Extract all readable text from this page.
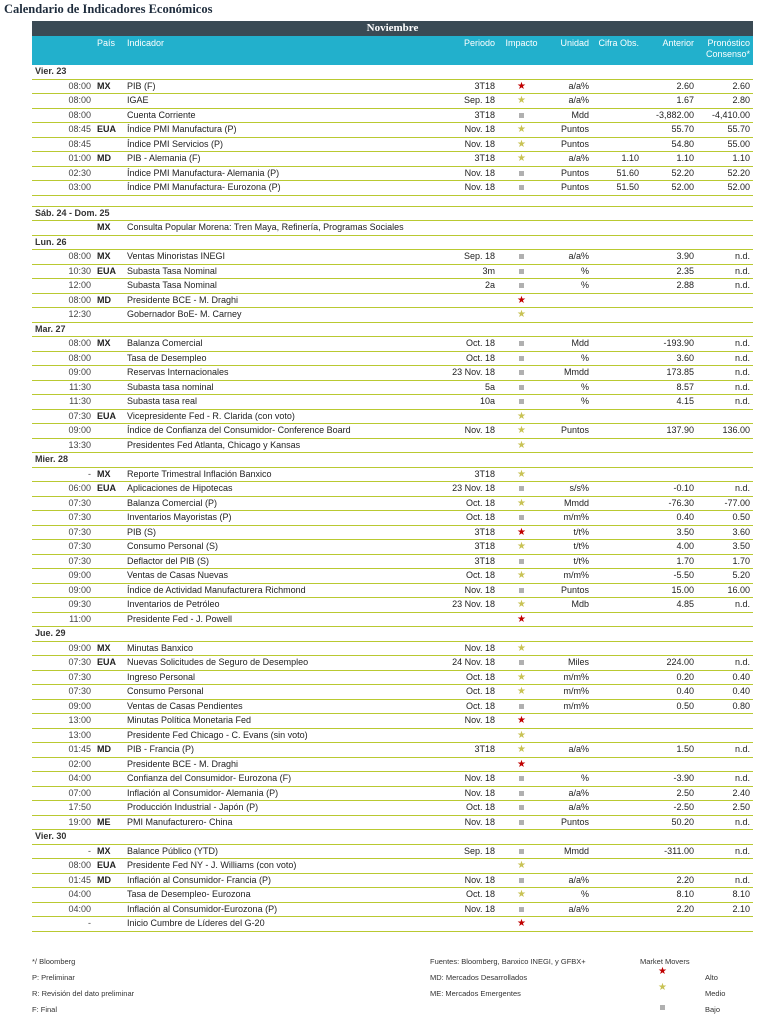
Calendario de Indicadores Económicos
Noviembre
	País	Indicador	Periodo	Impacto	Unidad	Cifra Obs.	Anterior	Pronóstico Consenso*
Vier. 23								
08:00	MX	PIB (F)	3T18	★	a/a%		2.60	2.60
08:00		IGAE	Sep. 18	★	a/a%		1.67	2.80
08:00		Cuenta Corriente	3T18		Mdd		-3,882.00	-4,410.00
08:45	EUA	Índice PMI Manufactura (P)	Nov. 18	★	Puntos		55.70	55.70
08:45		Índice PMI Servicios (P)	Nov. 18	★	Puntos		54.80	55.00
01:00	MD	PIB - Alemania (F)	3T18	★	a/a%	1.10	1.10	1.10
02:30		Índice PMI Manufactura- Alemania (P)	Nov. 18		Puntos	51.60	52.20	52.20
03:00		Índice PMI Manufactura- Eurozona (P)	Nov. 18		Puntos	51.50	52.00	52.00

Sáb. 24 - Dom. 25								
	MX	Consulta Popular Morena: Tren Maya, Refinería, Programas Sociales						
Lun. 26								
08:00	MX	Ventas Minoristas INEGI	Sep. 18		a/a%		3.90	n.d.
10:30	EUA	Subasta Tasa Nominal	3m		%		2.35	n.d.
12:00		Subasta Tasa Nominal	2a		%		2.88	n.d.
08:00	MD	Presidente BCE - M. Draghi		★				
12:30		Gobernador BoE- M. Carney		★				
Mar. 27								
08:00	MX	Balanza Comercial	Oct. 18		Mdd		-193.90	n.d.
08:00		Tasa de Desempleo	Oct. 18		%		3.60	n.d.
09:00		Reservas Internacionales	23 Nov. 18		Mmdd		173.85	n.d.
11:30		Subasta tasa nominal	5a		%		8.57	n.d.
11:30		Subasta tasa real	10a		%		4.15	n.d.
07:30	EUA	Vicepresidente Fed - R. Clarida (con voto)		★				
09:00		Índice de Confianza del Consumidor- Conference Board	Nov. 18	★	Puntos		137.90	136.00
13:30		Presidentes Fed Atlanta, Chicago y Kansas		★				
Mier. 28								
-	MX	Reporte Trimestral Inflación Banxico	3T18	★				
06:00	EUA	Aplicaciones de Hipotecas	23 Nov. 18		s/s%		-0.10	n.d.
07:30		Balanza Comercial (P)	Oct. 18	★	Mmdd		-76.30	-77.00
07:30		Inventarios Mayoristas (P)	Oct. 18		m/m%		0.40	0.50
07:30		PIB (S)	3T18	★	t/t%		3.50	3.60
07:30		Consumo Personal (S)	3T18	★	t/t%		4.00	3.50
07:30		Deflactor del PIB (S)	3T18		t/t%		1.70	1.70
09:00		Ventas de Casas Nuevas	Oct. 18	★	m/m%		-5.50	5.20
09:00		Índice de Actividad Manufacturera Richmond	Nov. 18		Puntos		15.00	16.00
09:30		Inventarios de Petróleo	23 Nov. 18	★	Mdb		4.85	n.d.
11:00		Presidente Fed - J. Powell		★				
Jue. 29								
09:00	MX	Minutas Banxico	Nov. 18	★				
07:30	EUA	Nuevas Solicitudes de Seguro de Desempleo	24 Nov. 18		Miles		224.00	n.d.
07:30		Ingreso Personal	Oct. 18	★	m/m%		0.20	0.40
07:30		Consumo Personal	Oct. 18	★	m/m%		0.40	0.40
09:00		Ventas de Casas Pendientes	Oct. 18		m/m%		0.50	0.80
13:00		Minutas Política Monetaria Fed	Nov. 18	★				
13:00		Presidente Fed Chicago - C. Evans (sin voto)		★				
01:45	MD	PIB - Francia (P)	3T18	★	a/a%		1.50	n.d.
02:00		Presidente BCE - M. Draghi		★				
04:00		Confianza del Consumidor- Eurozona (F)	Nov. 18		%		-3.90	n.d.
07:00		Inflación al Consumidor- Alemania (P)	Nov. 18		a/a%		2.50	2.40
17:50		Producción Industrial - Japón (P)	Oct. 18		a/a%		-2.50	2.50
19:00	ME	PMI Manufacturero- China	Nov. 18		Puntos		50.20	n.d.
Vier. 30								
-	MX	Balance Público (YTD)	Sep. 18		Mmdd		-311.00	n.d.
08:00	EUA	Presidente Fed NY - J. Williams (con voto)		★				
01:45	MD	Inflación al Consumidor- Francia (P)	Nov. 18		a/a%		2.20	n.d.
04:00		Tasa de Desempleo- Eurozona	Oct. 18	★	%		8.10	8.10
04:00		Inflación al Consumidor-Eurozona (P)	Nov. 18		a/a%		2.20	2.10
-		Inicio Cumbre de Líderes del G-20		★				
*/ Bloomberg
P: Preliminar
R: Revisión del dato preliminar
F: Final
Fuentes: Bloomberg, Banxico INEGI, y GFBX+
MD: Mercados Desarrollados
ME: Mercados Emergentes
Market Movers
★
Alto
★
Medio
Bajo
